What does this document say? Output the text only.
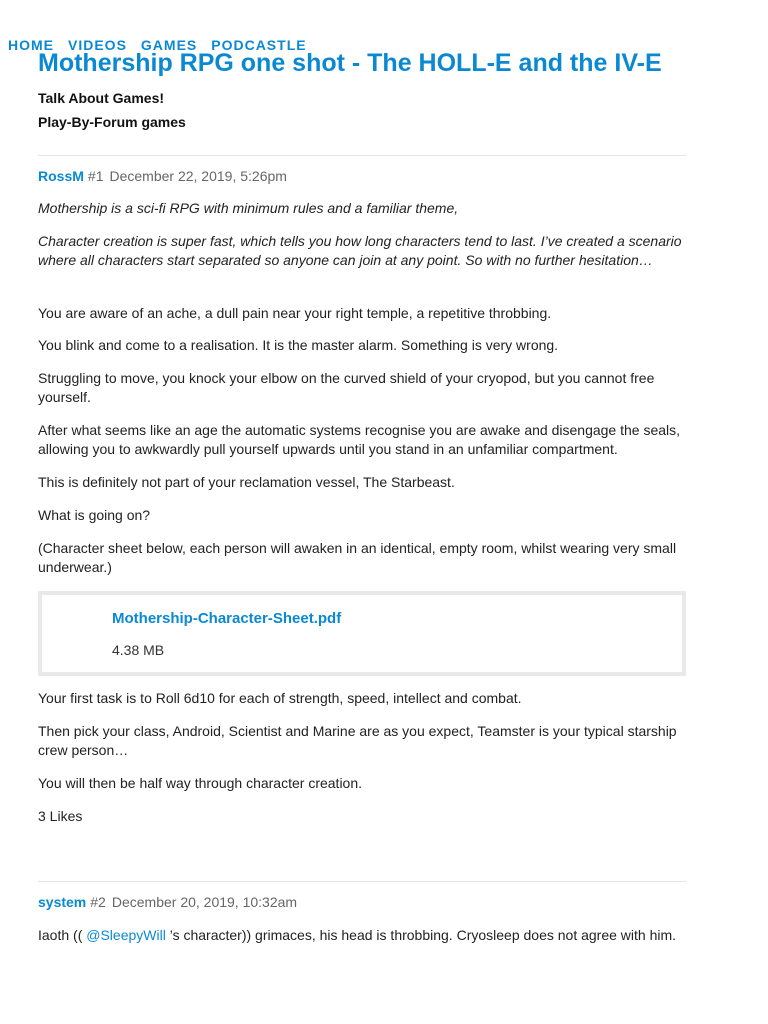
HOME VIDEOS GAMES PODCASTLE
Mothership RPG one shot - The HOLL-E and the IV-E
Talk About Games!
Play-By-Forum games
RossM #1 December 22, 2019, 5:26pm

Mothership is a sci-fi RPG with minimum rules and a familiar theme,

Character creation is super fast, which tells you how long characters tend to last. I’ve created a scenario where all characters start separated so anyone can join at any point. So with no further hesitation…

You are aware of an ache, a dull pain near your right temple, a repetitive throbbing.

You blink and come to a realisation. It is the master alarm. Something is very wrong.

Struggling to move, you knock your elbow on the curved shield of your cryopod, but you cannot free yourself.

After what seems like an age the automatic systems recognise you are awake and disengage the seals, allowing you to awkwardly pull yourself upwards until you stand in an unfamiliar compartment.

This is definitely not part of your reclamation vessel, The Starbeast.

What is going on?

(Character sheet below, each person will awaken in an identical, empty room, whilst wearing very small underwear.)

Mothership-Character-Sheet.pdf
4.38 MB

Your first task is to Roll 6d10 for each of strength, speed, intellect and combat.

Then pick your class, Android, Scientist and Marine are as you expect, Teamster is your typical starship crew person…

You will then be half way through character creation.

3 Likes

system #2 December 20, 2019, 10:32am

Iaoth (( @SleepyWill ’s character)) grimaces, his head is throbbing. Cryosleep does not agree with him.
